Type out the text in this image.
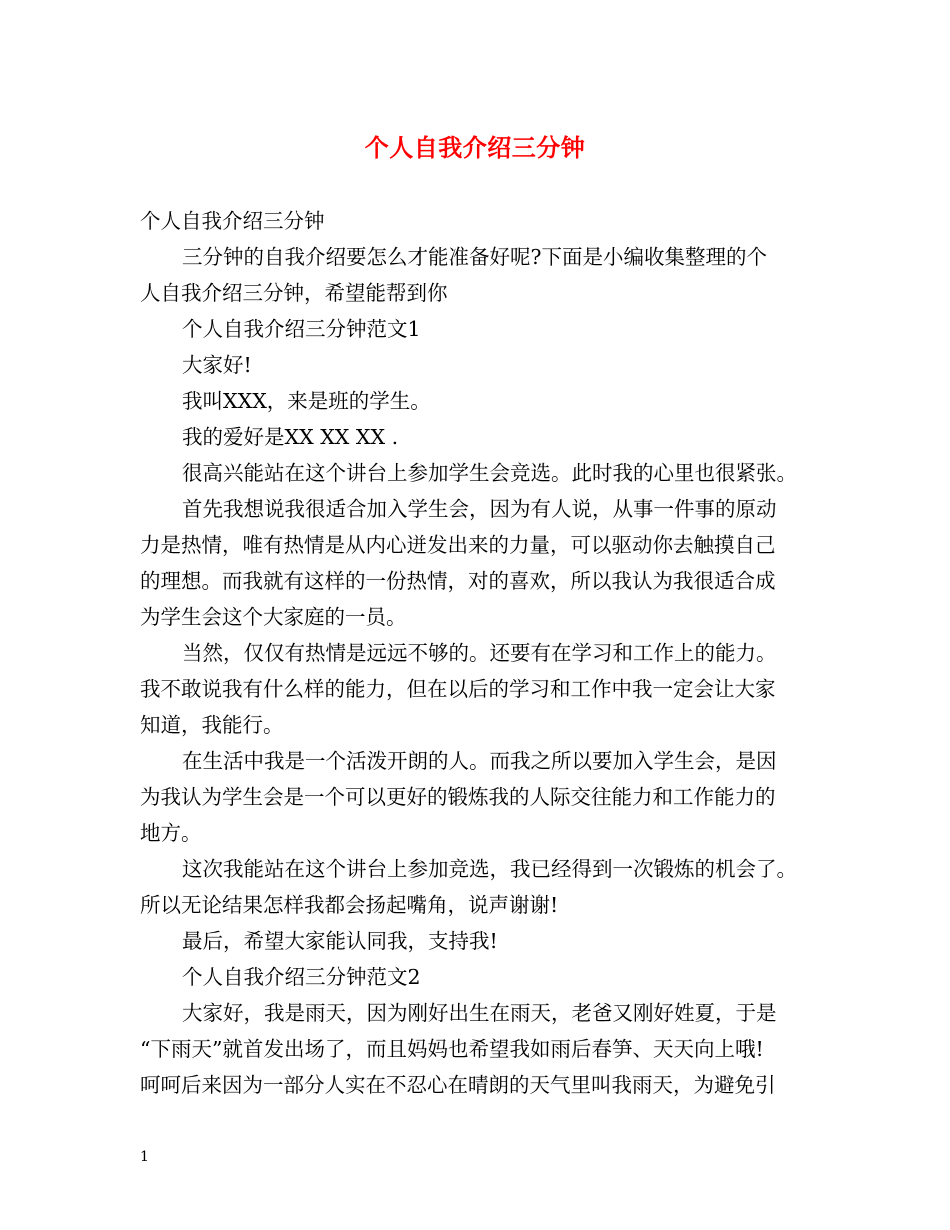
个人自我介绍三分钟
个人自我介绍三分钟
三分钟的自我介绍要怎么才能准备好呢?下面是小编收集整理的个
人自我介绍三分钟，希望能帮到你
个人自我介绍三分钟范文1
大家好!
我叫XXX，来是班的学生。
我的爱好是XX XX XX .
很高兴能站在这个讲台上参加学生会竞选。此时我的心里也很紧张。
首先我想说我很适合加入学生会，因为有人说，从事一件事的原动
力是热情，唯有热情是从内心迸发出来的力量，可以驱动你去触摸自己
的理想。而我就有这样的一份热情，对的喜欢，所以我认为我很适合成
为学生会这个大家庭的一员。
当然，仅仅有热情是远远不够的。还要有在学习和工作上的能力。
我不敢说我有什么样的能力，但在以后的学习和工作中我一定会让大家
知道，我能行。
在生活中我是一个活泼开朗的人。而我之所以要加入学生会，是因
为我认为学生会是一个可以更好的锻炼我的人际交往能力和工作能力的
地方。
这次我能站在这个讲台上参加竞选，我已经得到一次锻炼的机会了。
所以无论结果怎样我都会扬起嘴角，说声谢谢!
最后，希望大家能认同我，支持我!
个人自我介绍三分钟范文2
大家好，我是雨天，因为刚好出生在雨天，老爸又刚好姓夏，于是
“下雨天”就首发出场了，而且妈妈也希望我如雨后春笋、天天向上哦!
呵呵后来因为一部分人实在不忍心在晴朗的天气里叫我雨天，为避免引
1
